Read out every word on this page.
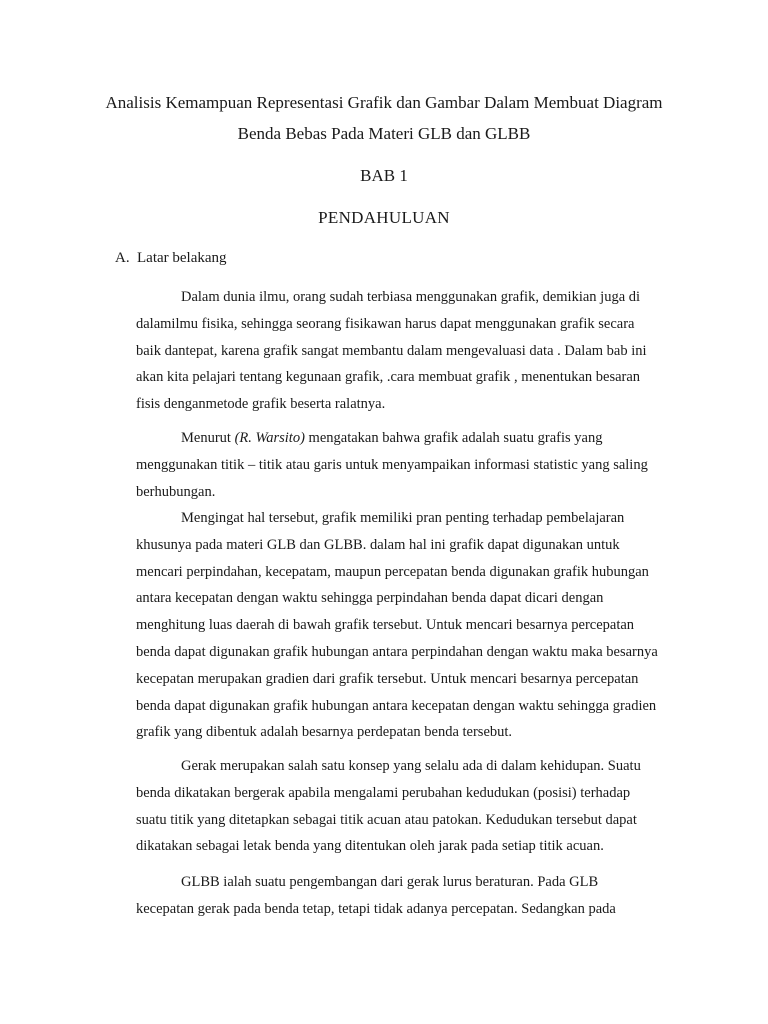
Analisis Kemampuan Representasi Grafik dan Gambar Dalam Membuat Diagram
Benda Bebas Pada Materi GLB dan GLBB
BAB 1
PENDAHULUAN
A. Latar belakang
Dalam dunia ilmu, orang sudah terbiasa menggunakan grafik, demikian juga di
dalamilmu fisika, sehingga seorang fisikawan harus dapat menggunakan grafik secara
baik dantepat, karena grafik sangat membantu dalam mengevaluasi data . Dalam bab ini
akan kita pelajari tentang kegunaan grafik, .cara membuat grafik , menentukan besaran
fisis denganmetode grafik beserta ralatnya.
Menurut (R. Warsito) mengatakan bahwa grafik adalah suatu grafis yang
menggunakan titik – titik atau garis untuk menyampaikan informasi statistic yang saling
berhubungan.
Mengingat hal tersebut, grafik memiliki pran penting terhadap pembelajaran
khusunya pada materi GLB dan GLBB. dalam hal ini grafik dapat digunakan untuk
mencari perpindahan, kecepatam, maupun percepatan benda digunakan grafik hubungan
antara kecepatan dengan waktu sehingga perpindahan benda dapat dicari dengan
menghitung luas daerah di bawah grafik tersebut. Untuk mencari besarnya percepatan
benda dapat digunakan grafik hubungan antara perpindahan dengan waktu maka besarnya
kecepatan merupakan gradien dari grafik tersebut. Untuk mencari besarnya percepatan
benda dapat digunakan grafik hubungan antara kecepatan dengan waktu sehingga gradien
grafik yang dibentuk adalah besarnya perdepatan benda tersebut.
Gerak merupakan salah satu konsep yang selalu ada di dalam kehidupan. Suatu
benda dikatakan bergerak apabila mengalami perubahan kedudukan (posisi) terhadap
suatu titik yang ditetapkan sebagai titik acuan atau patokan. Kedudukan tersebut dapat
dikatakan sebagai letak benda yang ditentukan oleh jarak pada setiap titik acuan.
GLBB ialah suatu pengembangan dari gerak lurus beraturan. Pada GLB
kecepatan gerak pada benda tetap, tetapi tidak adanya percepatan. Sedangkan pada
